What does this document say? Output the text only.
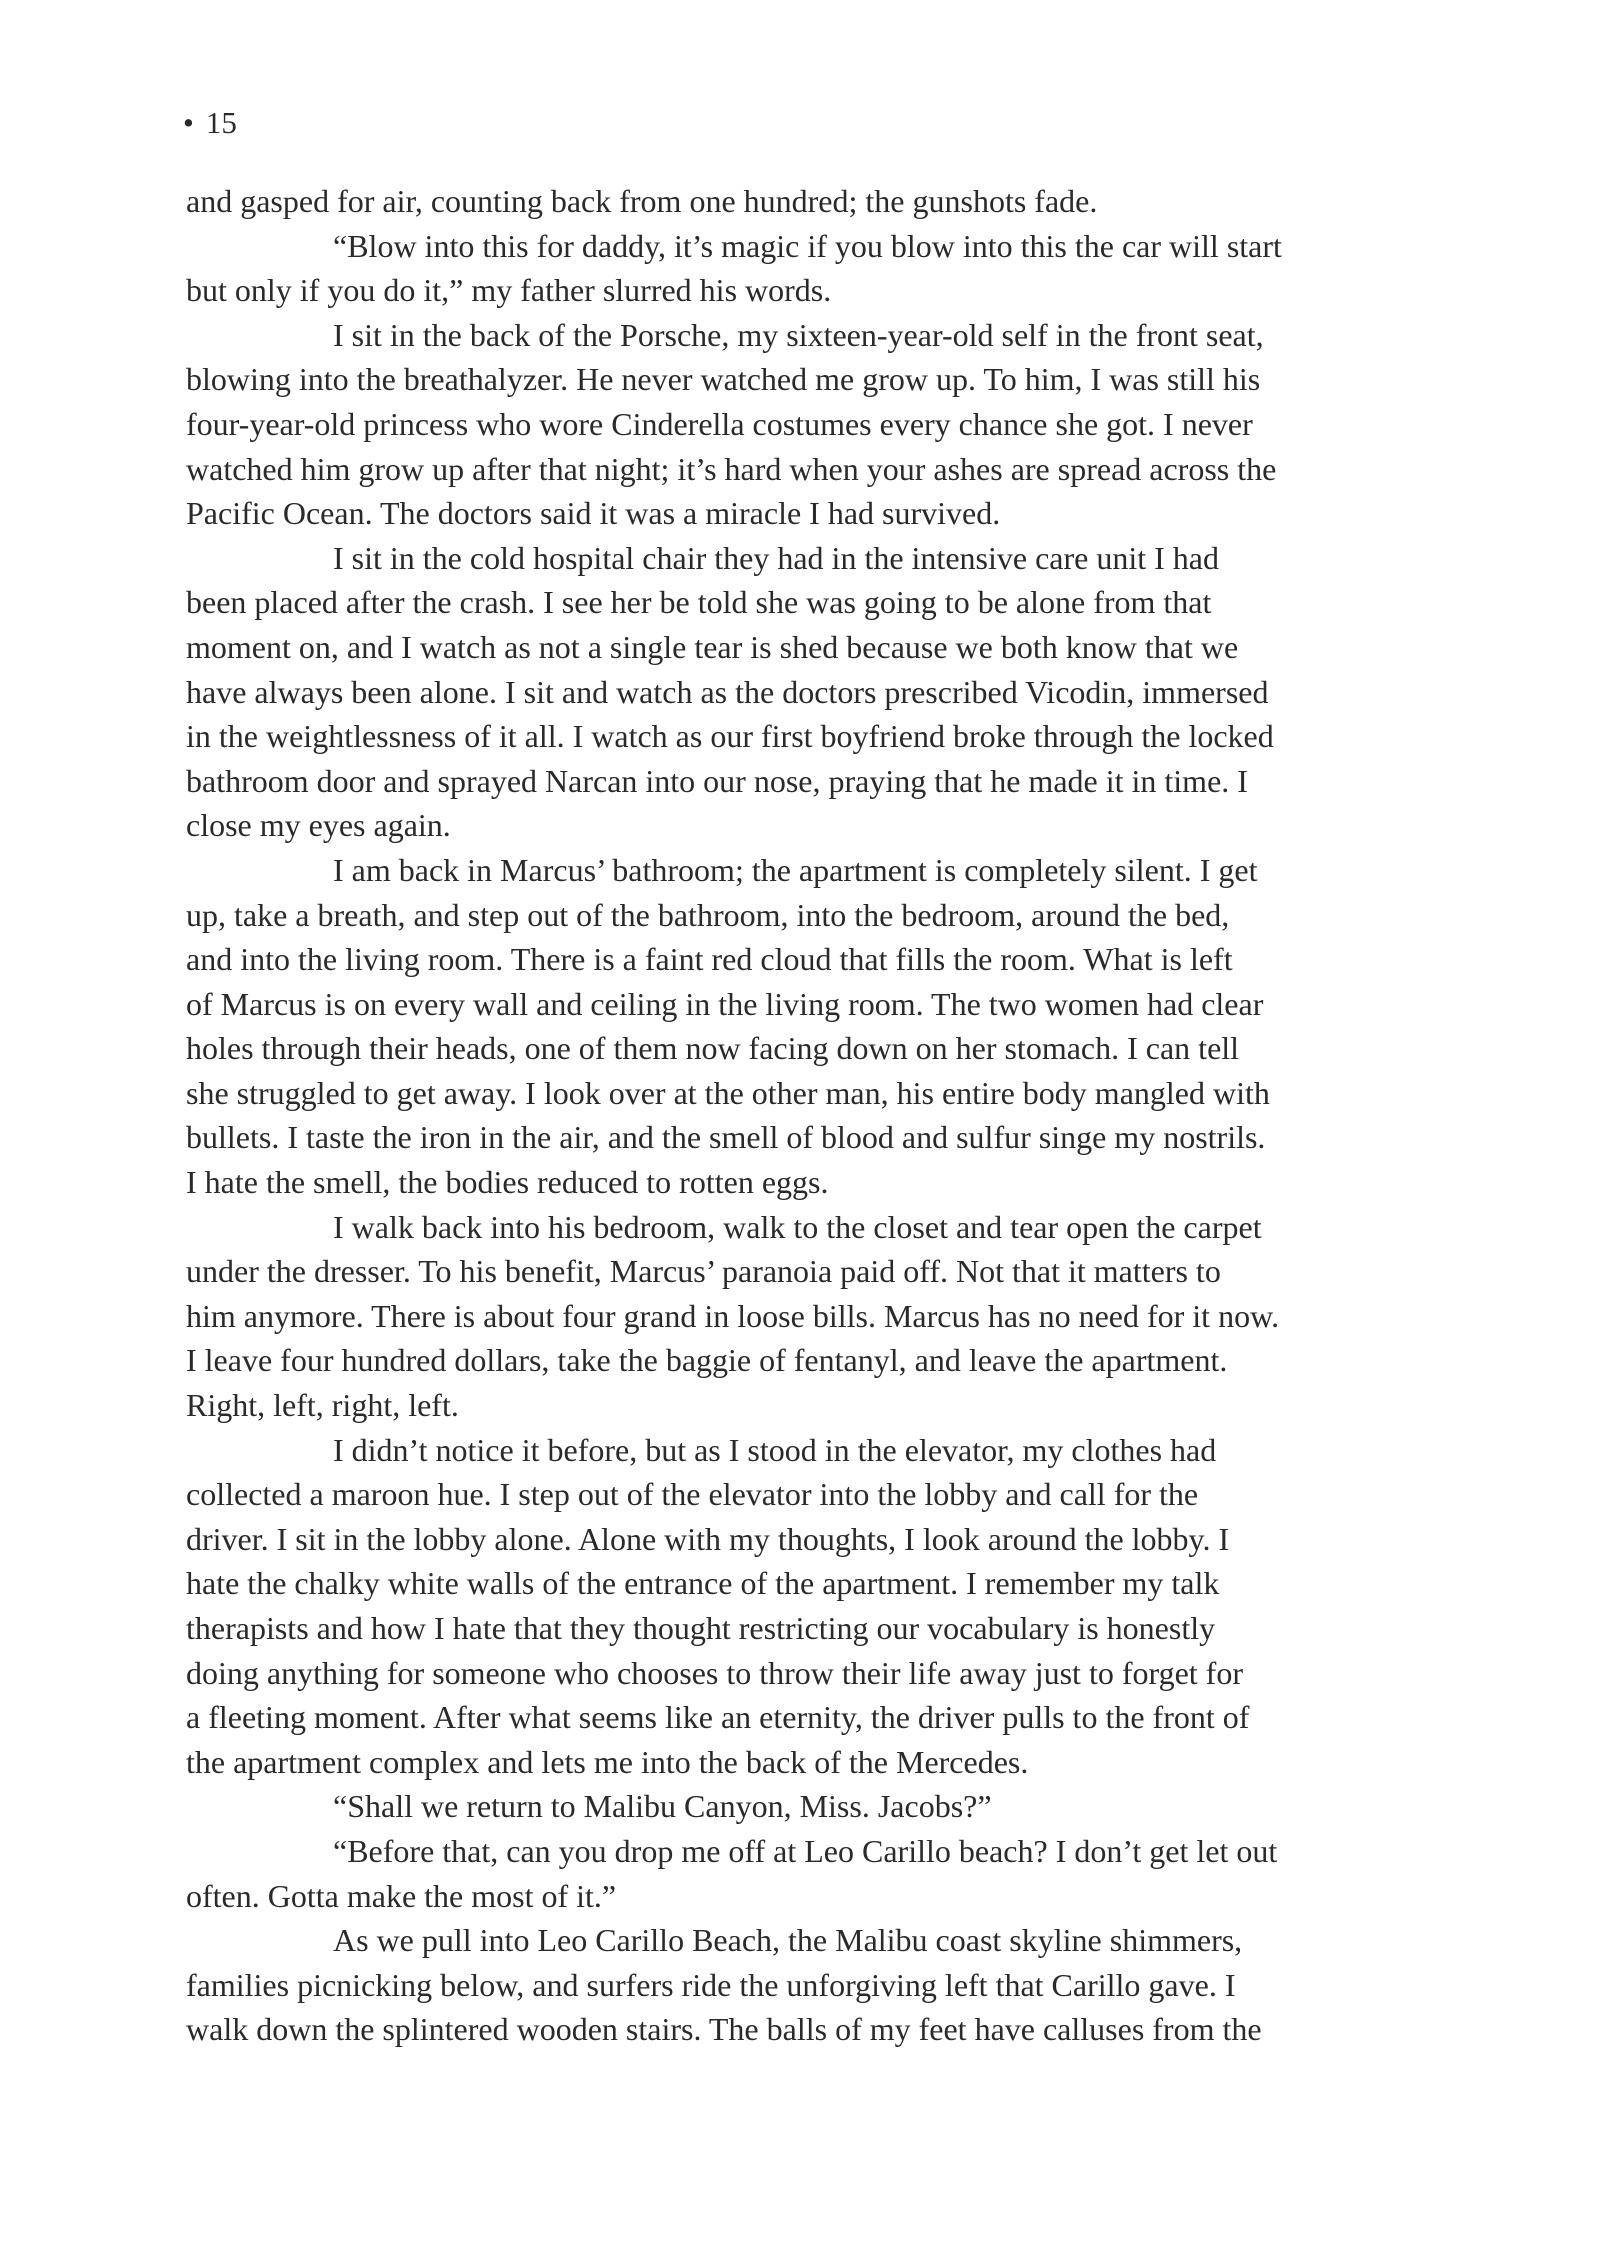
• 15
and gasped for air, counting back from one hundred; the gunshots fade.
“Blow into this for daddy, it’s magic if you blow into this the car will start
but only if you do it,” my father slurred his words.
I sit in the back of the Porsche, my sixteen-year-old self in the front seat,
blowing into the breathalyzer. He never watched me grow up. To him, I was still his
four-year-old princess who wore Cinderella costumes every chance she got. I never
watched him grow up after that night; it’s hard when your ashes are spread across the
Pacific Ocean. The doctors said it was a miracle I had survived.
I sit in the cold hospital chair they had in the intensive care unit I had
been placed after the crash. I see her be told she was going to be alone from that
moment on, and I watch as not a single tear is shed because we both know that we
have always been alone. I sit and watch as the doctors prescribed Vicodin, immersed
in the weightlessness of it all. I watch as our first boyfriend broke through the locked
bathroom door and sprayed Narcan into our nose, praying that he made it in time. I
close my eyes again.
I am back in Marcus’ bathroom; the apartment is completely silent. I get
up, take a breath, and step out of the bathroom, into the bedroom, around the bed,
and into the living room. There is a faint red cloud that fills the room. What is left
of Marcus is on every wall and ceiling in the living room. The two women had clear
holes through their heads, one of them now facing down on her stomach. I can tell
she struggled to get away. I look over at the other man, his entire body mangled with
bullets. I taste the iron in the air, and the smell of blood and sulfur singe my nostrils.
I hate the smell, the bodies reduced to rotten eggs.
I walk back into his bedroom, walk to the closet and tear open the carpet
under the dresser. To his benefit, Marcus’ paranoia paid off. Not that it matters to
him anymore. There is about four grand in loose bills. Marcus has no need for it now.
I leave four hundred dollars, take the baggie of fentanyl, and leave the apartment.
Right, left, right, left.
I didn’t notice it before, but as I stood in the elevator, my clothes had
collected a maroon hue. I step out of the elevator into the lobby and call for the
driver. I sit in the lobby alone. Alone with my thoughts, I look around the lobby. I
hate the chalky white walls of the entrance of the apartment. I remember my talk
therapists and how I hate that they thought restricting our vocabulary is honestly
doing anything for someone who chooses to throw their life away just to forget for
a fleeting moment. After what seems like an eternity, the driver pulls to the front of
the apartment complex and lets me into the back of the Mercedes.
“Shall we return to Malibu Canyon, Miss. Jacobs?”
“Before that, can you drop me off at Leo Carillo beach? I don’t get let out
often. Gotta make the most of it.”
As we pull into Leo Carillo Beach, the Malibu coast skyline shimmers,
families picnicking below, and surfers ride the unforgiving left that Carillo gave. I
walk down the splintered wooden stairs. The balls of my feet have calluses from the
